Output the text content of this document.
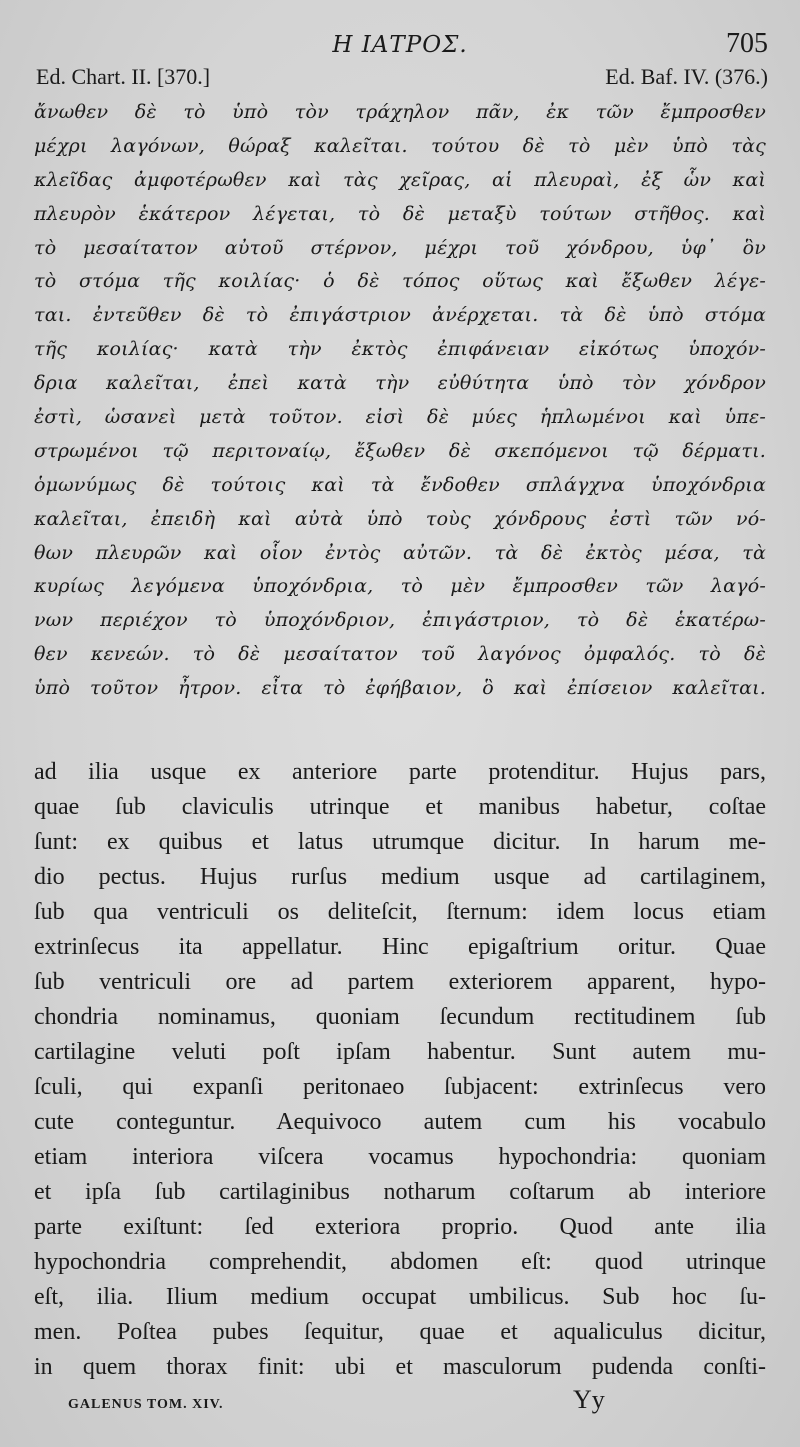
Η ΙΑΤΡΟΣ.	705
Ed. Chart. II. [370.]	Ed. Baf. IV. (376.)
ἄνωθεν δὲ τὸ ὑπὸ τὸν τράχηλον πᾶν, ἐκ τῶν ἔμπροσθεν
μέχρι λαγόνων, θώραξ καλεῖται. τούτου δὲ τὸ μὲν ὑπὸ τὰς
κλεῖδας ἀμφοτέρωθεν καὶ τὰς χεῖρας, αἱ πλευραὶ, ἐξ ὧν καὶ
πλευρὸν ἑκάτερον λέγεται, τὸ δὲ μεταξὺ τούτων στῆθος. καὶ
τὸ μεσαίτατον αὐτοῦ στέρνον, μέχρι τοῦ χόνδρου, ὑφ᾽ ὃν
τὸ στόμα τῆς κοιλίας· ὁ δὲ τόπος οὕτως καὶ ἔξωθεν λέγε-
ται. ἐντεῦθεν δὲ τὸ ἐπιγάστριον ἀνέρχεται. τὰ δὲ ὑπὸ στόμα
τῆς κοιλίας· κατὰ τὴν ἐκτὸς ἐπιφάνειαν εἰκότως ὑποχόν-
δρια καλεῖται, ἐπεὶ κατὰ τὴν εὐθύτητα ὑπὸ τὸν χόνδρον
ἐστὶ, ὡσανεὶ μετὰ τοῦτον. εἰσὶ δὲ μύες ἡπλωμένοι καὶ ὑπε-
στρωμένοι τῷ περιτοναίῳ, ἔξωθεν δὲ σκεπόμενοι τῷ δέρματι.
ὁμωνύμως δὲ τούτοις καὶ τὰ ἔνδοθεν σπλάγχνα ὑποχόνδρια
καλεῖται, ἐπειδὴ καὶ αὐτὰ ὑπὸ τοὺς χόνδρους ἐστὶ τῶν νό-
θων πλευρῶν καὶ οἷον ἐντὸς αὐτῶν. τὰ δὲ ἐκτὸς μέσα, τὰ
κυρίως λεγόμενα ὑποχόνδρια, τὸ μὲν ἔμπροσθεν τῶν λαγό-
νων περιέχον τὸ ὑποχόνδριον, ἐπιγάστριον, τὸ δὲ ἑκατέρω-
θεν κενεών. τὸ δὲ μεσαίτατον τοῦ λαγόνος ὀμφαλός. τὸ δὲ
ὑπὸ τοῦτον ἦτρον. εἶτα τὸ ἐφήβαιον, ὃ καὶ ἐπίσειον καλεῖται.
ad ilia usque ex anteriore parte protenditur. Hujus pars,
quae ſub claviculis utrinque et manibus habetur, coſtae
ſunt: ex quibus et latus utrumque dicitur. In harum me-
dio pectus. Hujus rurſus medium usque ad cartilaginem,
ſub qua ventriculi os deliteſcit, ſternum: idem locus etiam
extrinſecus ita appellatur. Hinc epigaſtrium oritur. Quae
ſub ventriculi ore ad partem exteriorem apparent, hypo-
chondria nominamus, quoniam ſecundum rectitudinem ſub
cartilagine veluti poſt ipſam habentur. Sunt autem mu-
ſculi, qui expanſi peritonaeo ſubjacent: extrinſecus vero
cute conteguntur. Aequivoco autem cum his vocabulo
etiam interiora viſcera vocamus hypochondria: quoniam
et ipſa ſub cartilaginibus notharum coſtarum ab interiore
parte exiſtunt: ſed exteriora proprio. Quod ante ilia
hypochondria comprehendit, abdomen eſt: quod utrinque
eſt, ilia. Ilium medium occupat umbilicus. Sub hoc ſu-
men. Poſtea pubes ſequitur, quae et aqualiculus dicitur,
in quem thorax finit: ubi et masculorum pudenda conſti-
GALENUS TOM. XIV.	Yy
